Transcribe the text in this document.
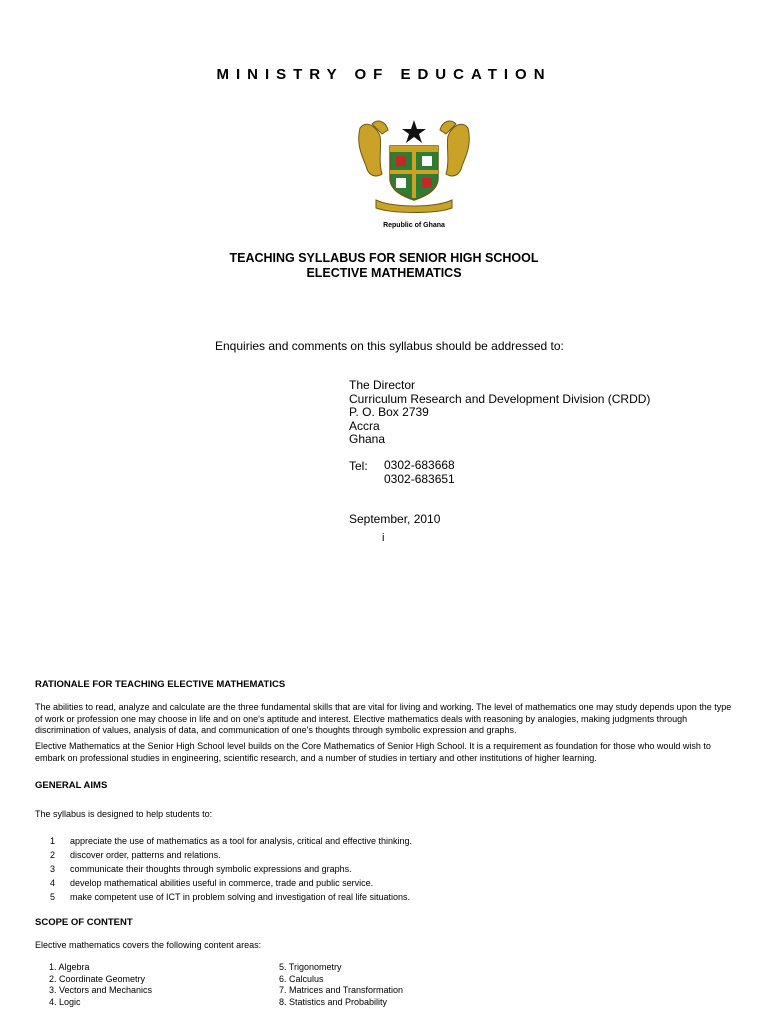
MINISTRY OF EDUCATION
Republic of Ghana
TEACHING SYLLABUS FOR SENIOR HIGH SCHOOL
ELECTIVE MATHEMATICS
Enquiries and comments on this syllabus should be addressed to:
The Director
Curriculum Research and Development Division (CRDD)
P. O. Box 2739
Accra
Ghana
Tel: 0302-683668
0302-683651
September, 2010
i
RATIONALE FOR TEACHING ELECTIVE MATHEMATICS
The abilities to read, analyze and calculate are the three fundamental skills that are vital for living and working. The level of mathematics one may study depends upon the type of work or profession one may choose in life and on one's aptitude and interest. Elective mathematics deals with reasoning by analogies, making judgments through discrimination of values, analysis of data, and communication of one's thoughts through symbolic expression and graphs.
Elective Mathematics at the Senior High School level builds on the Core Mathematics of Senior High School. It is a requirement as foundation for those who would wish to embark on professional studies in engineering, scientific research, and a number of studies in tertiary and other institutions of higher learning.
GENERAL AIMS
The syllabus is designed to help students to:
1	appreciate the use of mathematics as a tool for analysis, critical and effective thinking.
2	discover order, patterns and relations.
3	communicate their thoughts through symbolic expressions and graphs.
4	develop mathematical abilities useful in commerce, trade and public service.
5	make competent use of ICT in problem solving and investigation of real life situations.
SCOPE OF CONTENT
Elective mathematics covers the following content areas:
1. Algebra
2. Coordinate Geometry
3. Vectors and Mechanics
4. Logic
5. Trigonometry
6. Calculus
7. Matrices and Transformation
8. Statistics and Probability
